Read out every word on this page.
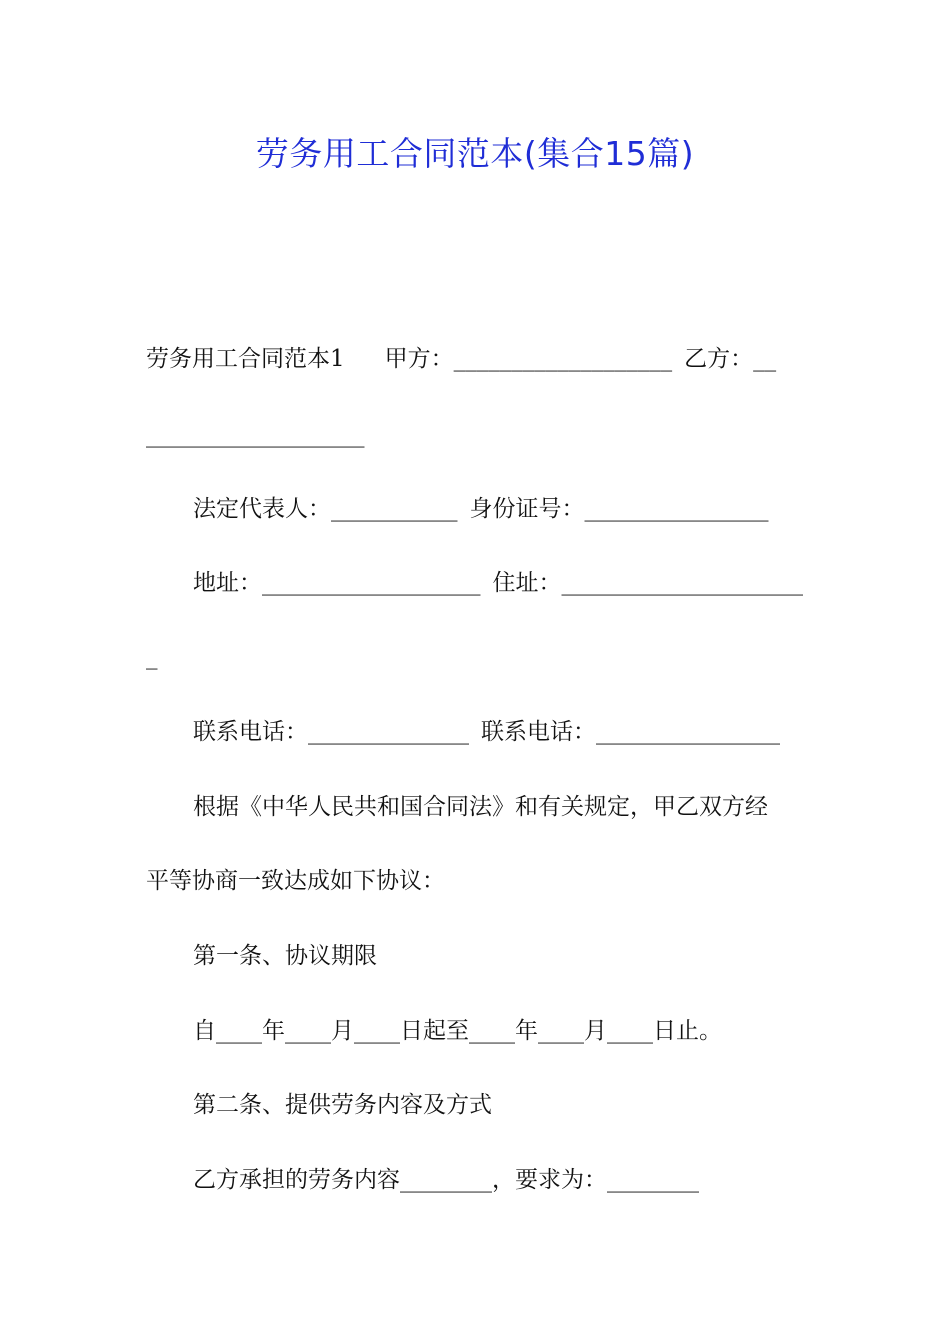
劳务用工合同范本(集合15篇)
劳务用工合同范本1 甲方：___________________ 乙方：__
___________________
法定代表人：___________ 身份证号：________________
地址：___________________ 住址：_____________________
_
联系电话：______________ 联系电话：________________
根据《中华人民共和国合同法》和有关规定，甲乙双方经
平等协商一致达成如下协议：
第一条、协议期限
自____年____月____日起至____年____月____日止。
第二条、提供劳务内容及方式
乙方承担的劳务内容________，要求为：________
